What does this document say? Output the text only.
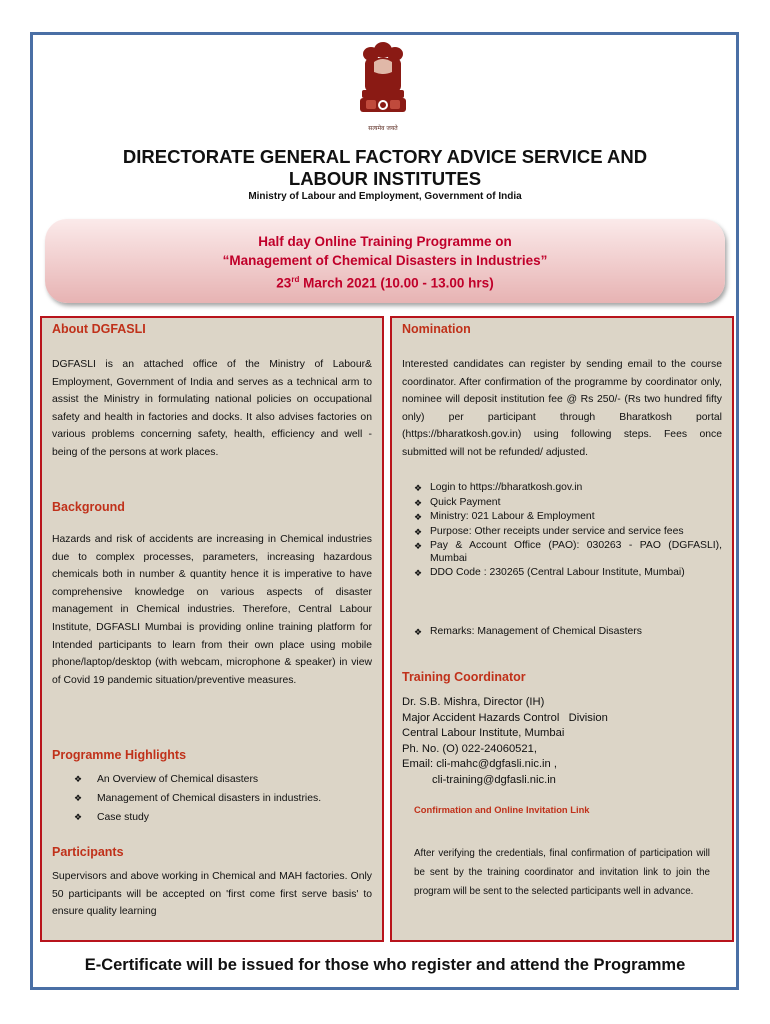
सत्यमेव जयते
DIRECTORATE GENERAL FACTORY ADVICE SERVICE AND
LABOUR INSTITUTES
Ministry of Labour and Employment, Government of India
Half day Online Training Programme on
“Management of Chemical Disasters in Industries”
23rd March 2021 (10.00 - 13.00 hrs)
About DGFASLI

DGFASLI is an attached office of the Ministry of Labour& Employment, Government of India and serves as a technical arm to assist the Ministry in formulating national policies on occupational safety and health in factories and docks. It also advises factories on various problems concerning safety, health, efficiency and well - being of the persons at work places.

Background

Hazards and risk of accidents are increasing in Chemical industries due to complex processes, parameters, increasing hazardous chemicals both in number & quantity hence it is imperative to have comprehensive knowledge on various aspects of disaster management in Chemical industries. Therefore, Central Labour Institute, DGFASLI Mumbai is providing online training platform for Intended participants to learn from their own place using mobile phone/laptop/desktop (with webcam, microphone & speaker) in view of Covid 19 pandemic situation/preventive measures.

Programme Highlights
❖ An Overview of Chemical disasters
❖ Management of Chemical disasters in industries.
❖ Case study
Participants

Supervisors and above working in Chemical and MAH factories. Only 50 participants will be accepted on 'first come first serve basis' to ensure quality learning

Nomination

Interested candidates can register by sending email to the course coordinator. After confirmation of the programme by coordinator only, nominee will deposit institution fee @ Rs 250/- (Rs two hundred fifty only) per participant through Bharatkosh portal (https://bharatkosh.gov.in) using following steps. Fees once submitted will not be refunded/ adjusted.

❖ Login to https://bharatkosh.gov.in
❖ Quick Payment
❖ Ministry: 021 Labour & Employment
❖ Purpose: Other receipts under service and service fees
❖ Pay & Account Office (PAO): 030263 - PAO (DGFASLI), Mumbai
❖ DDO Code : 230265 (Central Labour Institute, Mumbai)
❖ Remarks: Management of Chemical Disasters
Training Coordinator
Dr. S.B. Mishra, Director (IH)
Major Accident Hazards Control   Division
Central Labour Institute, Mumbai
Ph. No. (O) 022-24060521,
Email: cli-mahc@dgfasli.nic.in ,
cli-training@dgfasli.nic.in
Confirmation and Online Invitation Link

After verifying the credentials, final confirmation of participation will be sent by the training coordinator and invitation link to join the program will be sent to the selected participants well in advance.

E-Certificate will be issued for those who register and attend the Programme
